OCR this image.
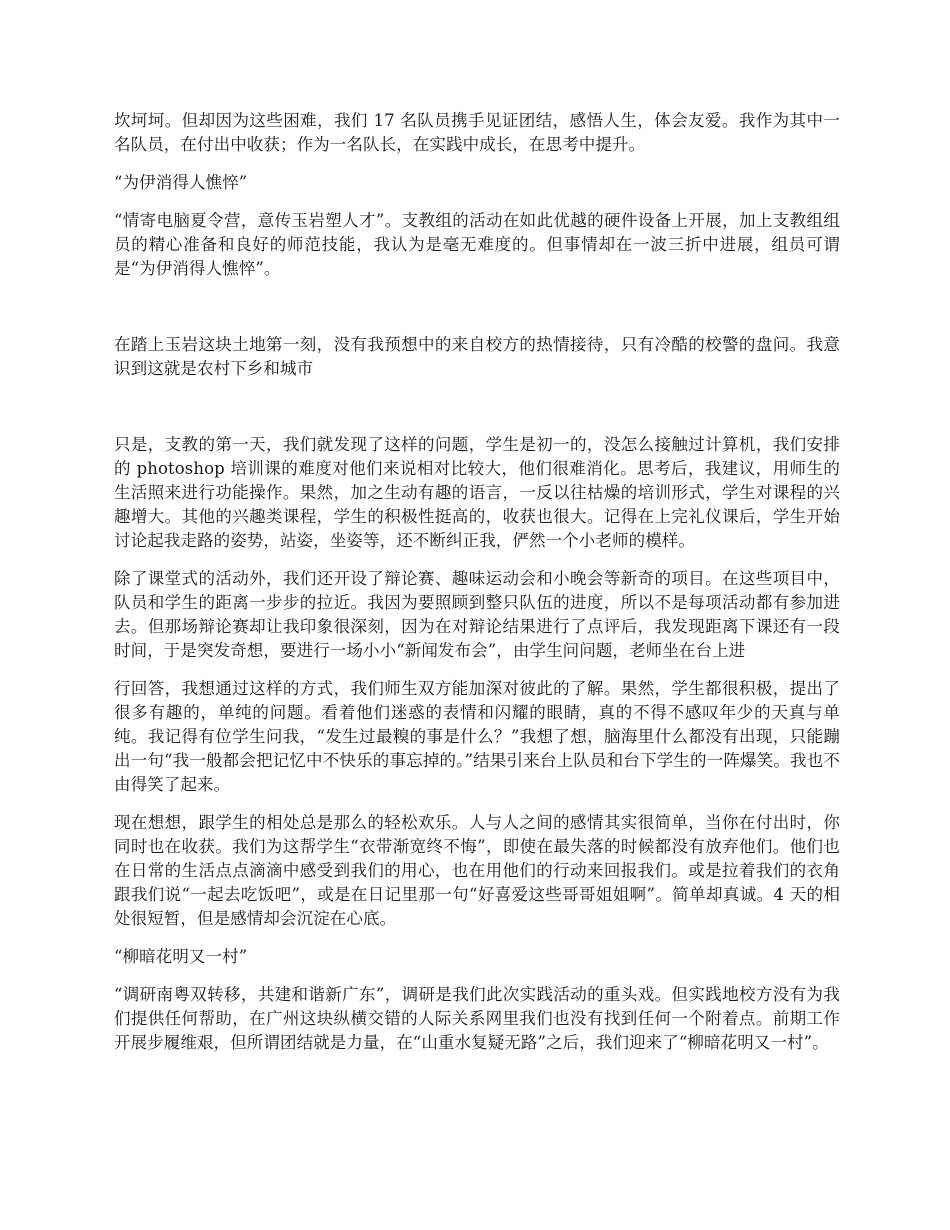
坎坷坷。但却因为这些困难，我们 17 名队员携手见证团结，感悟人生，体会友爱。我作为其中一名队员，在付出中收获；作为一名队长，在实践中成长，在思考中提升。

“为伊消得人憔悴”

“情寄电脑夏令营，意传玉岩塑人才”。支教组的活动在如此优越的硬件设备上开展，加上支教组组员的精心准备和良好的师范技能，我认为是毫无难度的。但事情却在一波三折中进展，组员可谓是“为伊消得人憔悴”。

在踏上玉岩这块土地第一刻，没有我预想中的来自校方的热情接待，只有冷酷的校警的盘问。我意识到这就是农村下乡和城市

只是，支教的第一天，我们就发现了这样的问题，学生是初一的，没怎么接触过计算机，我们安排的 photoshop 培训课的难度对他们来说相对比较大，他们很难消化。思考后，我建议，用师生的生活照来进行功能操作。果然，加之生动有趣的语言，一反以往枯燥的培训形式，学生对课程的兴趣增大。其他的兴趣类课程，学生的积极性挺高的，收获也很大。记得在上完礼仪课后，学生开始讨论起我走路的姿势，站姿，坐姿等，还不断纠正我，俨然一个小老师的模样。

除了课堂式的活动外，我们还开设了辩论赛、趣味运动会和小晚会等新奇的项目。在这些项目中，队员和学生的距离一步步的拉近。我因为要照顾到整只队伍的进度，所以不是每项活动都有参加进去。但那场辩论赛却让我印象很深刻，因为在对辩论结果进行了点评后，我发现距离下课还有一段时间，于是突发奇想，要进行一场小小“新闻发布会”，由学生问问题，老师坐在台上进

行回答，我想通过这样的方式，我们师生双方能加深对彼此的了解。果然，学生都很积极，提出了很多有趣的，单纯的问题。看着他们迷惑的表情和闪耀的眼睛，真的不得不感叹年少的天真与单纯。我记得有位学生问我，“发生过最糗的事是什么？”我想了想，脑海里什么都没有出现，只能蹦出一句“我一般都会把记忆中不快乐的事忘掉的。”结果引来台上队员和台下学生的一阵爆笑。我也不由得笑了起来。

现在想想，跟学生的相处总是那么的轻松欢乐。人与人之间的感情其实很简单，当你在付出时，你同时也在收获。我们为这帮学生“衣带渐宽终不悔”，即使在最失落的时候都没有放弃他们。他们也在日常的生活点点滴滴中感受到我们的用心，也在用他们的行动来回报我们。或是拉着我们的衣角跟我们说“一起去吃饭吧”，或是在日记里那一句“好喜爱这些哥哥姐姐啊”。简单却真诚。4 天的相处很短暂，但是感情却会沉淀在心底。

“柳暗花明又一村”

“调研南粤双转移，共建和谐新广东”，调研是我们此次实践活动的重头戏。但实践地校方没有为我们提供任何帮助，在广州这块纵横交错的人际关系网里我们也没有找到任何一个附着点。前期工作开展步履维艰，但所谓团结就是力量，在“山重水复疑无路”之后，我们迎来了“柳暗花明又一村”。
